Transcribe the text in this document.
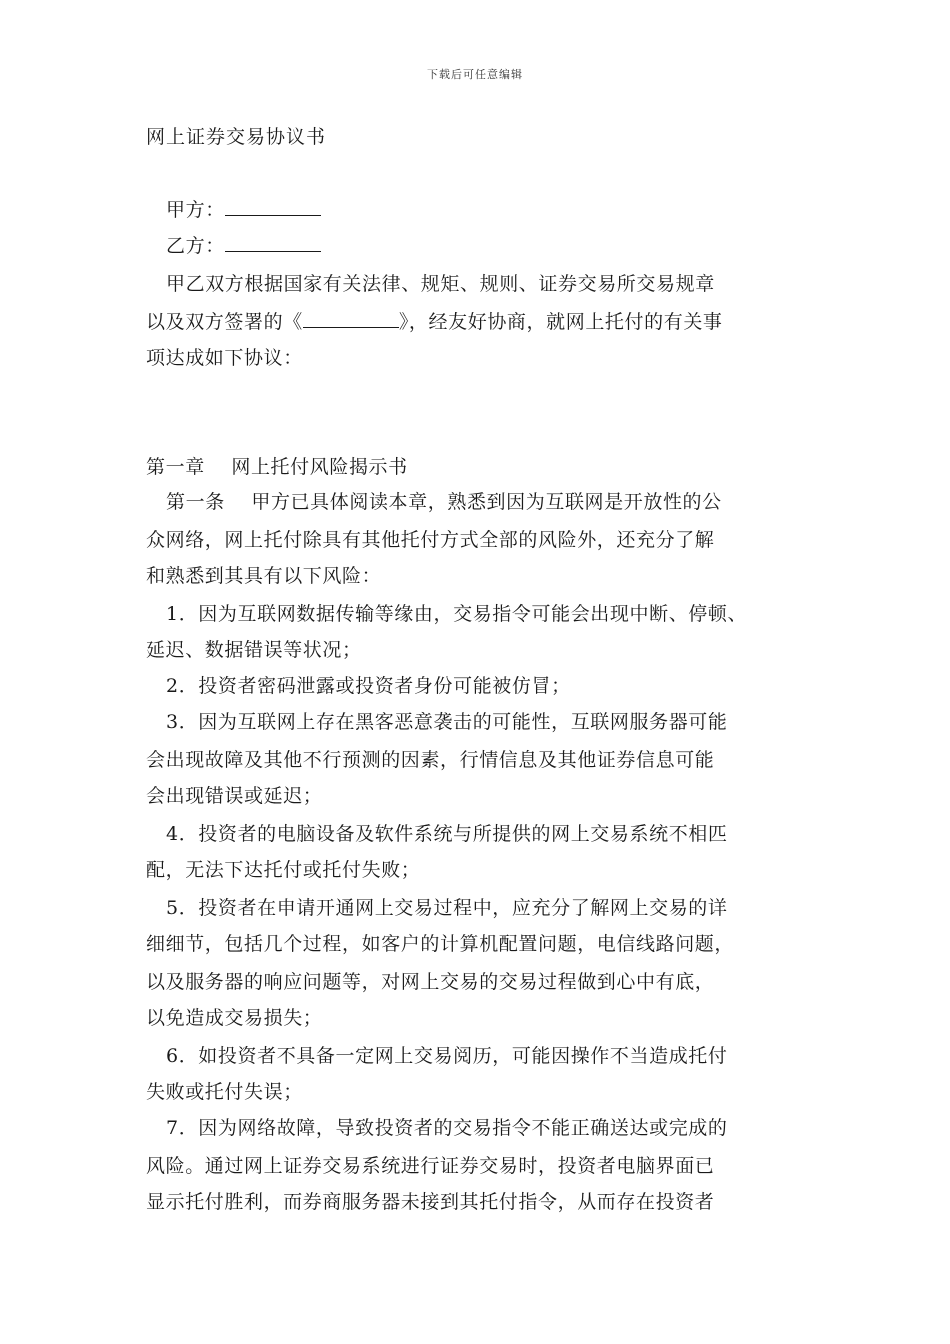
下载后可任意编辑
网上证券交易协议书
甲方：
乙方：
甲乙双方根据国家有关法律、规矩、规则、证券交易所交易规章
以及双方签署的《	》，经友好协商，就网上托付的有关事
项达成如下协议：
第一章    网上托付风险揭示书
第一条    甲方已具体阅读本章，熟悉到因为互联网是开放性的公
众网络，网上托付除具有其他托付方式全部的风险外，还充分了解
和熟悉到其具有以下风险：
1．因为互联网数据传输等缘由，交易指令可能会出现中断、停顿、
延迟、数据错误等状况；
2．投资者密码泄露或投资者身份可能被仿冒；
3．因为互联网上存在黑客恶意袭击的可能性，互联网服务器可能
会出现故障及其他不行预测的因素，行情信息及其他证券信息可能
会出现错误或延迟；
4．投资者的电脑设备及软件系统与所提供的网上交易系统不相匹
配，无法下达托付或托付失败；
5．投资者在申请开通网上交易过程中，应充分了解网上交易的详
细细节，包括几个过程，如客户的计算机配置问题，电信线路问题，
以及服务器的响应问题等，对网上交易的交易过程做到心中有底，
以免造成交易损失；
6．如投资者不具备一定网上交易阅历，可能因操作不当造成托付
失败或托付失误；
7．因为网络故障，导致投资者的交易指令不能正确送达或完成的
风险。通过网上证券交易系统进行证券交易时，投资者电脑界面已
显示托付胜利，而券商服务器未接到其托付指令，从而存在投资者
